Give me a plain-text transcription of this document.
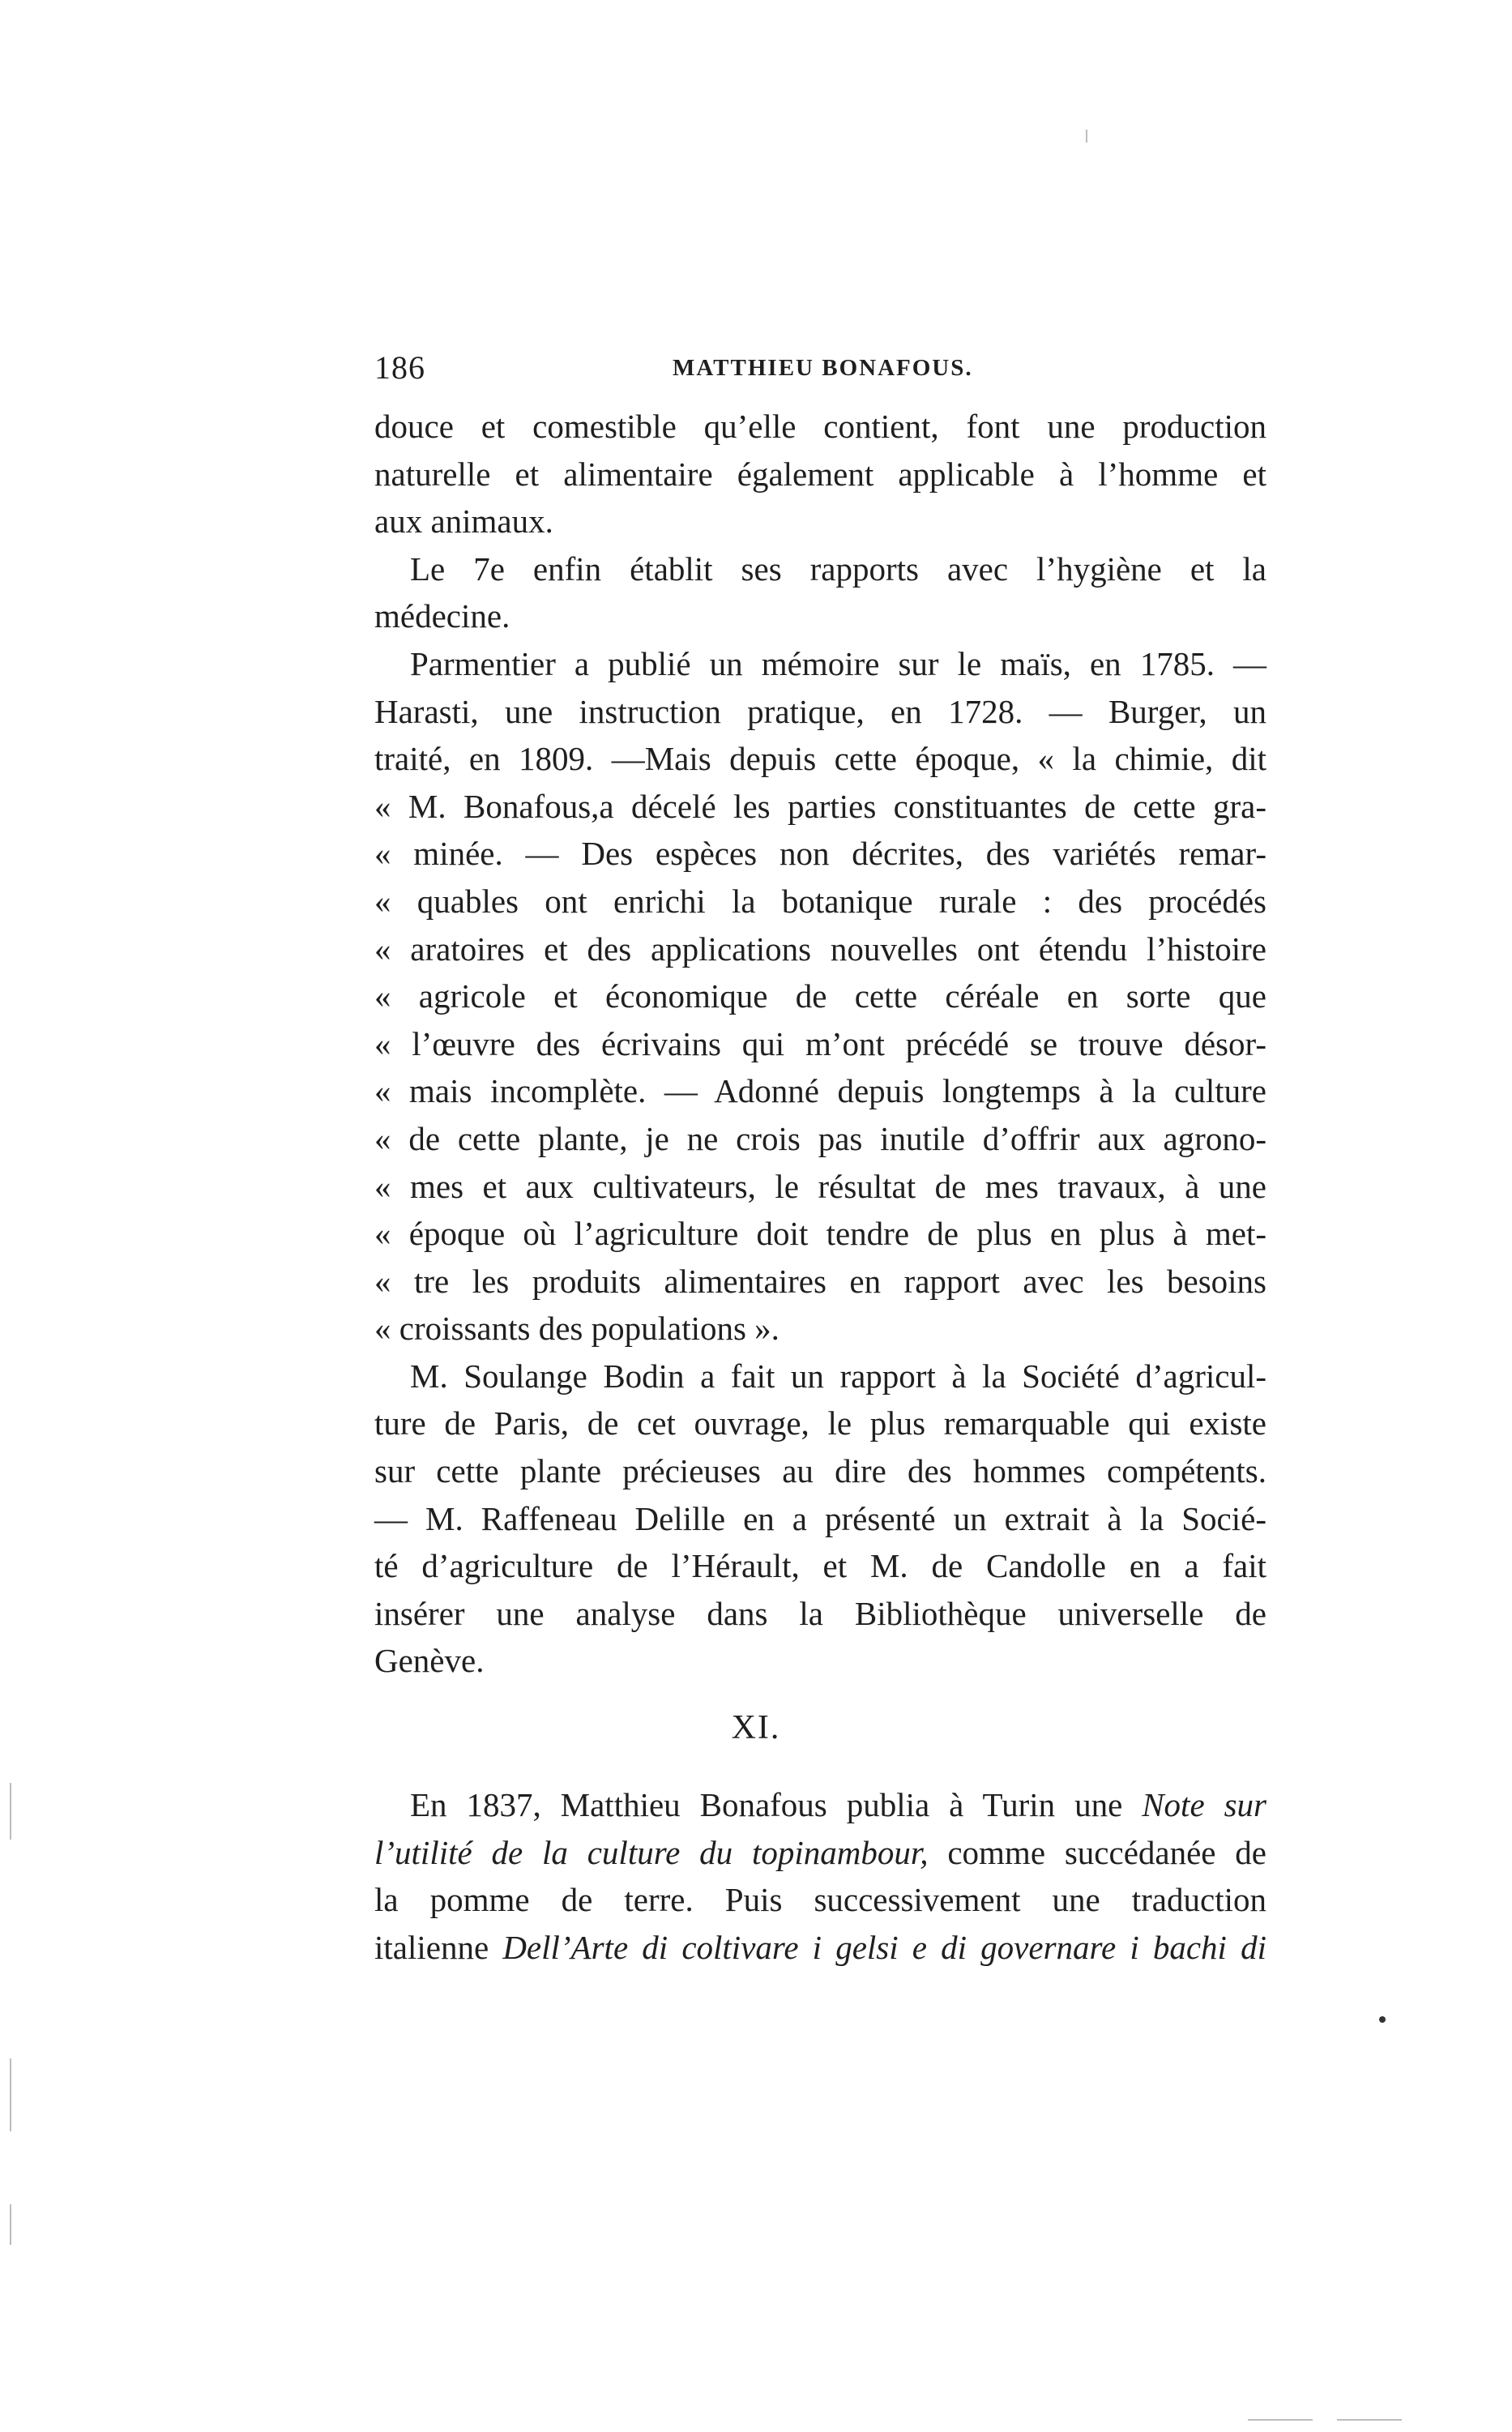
186	MATTHIEU BONAFOUS.
douce et comestible qu’elle contient, font une production
naturelle et alimentaire également applicable à l’homme et
aux animaux.
Le 7e enfin établit ses rapports avec l’hygiène et la
médecine.
Parmentier a publié un mémoire sur le maïs, en 1785. —
Harasti, une instruction pratique, en 1728. — Burger, un
traité, en 1809. —Mais depuis cette époque, « la chimie, dit
« M. Bonafous,a décelé les parties constituantes de cette gra-
« minée. — Des espèces non décrites, des variétés remar-
« quables ont enrichi la botanique rurale : des procédés
« aratoires et des applications nouvelles ont étendu l’histoire
« agricole et économique de cette céréale en sorte que
« l’œuvre des écrivains qui m’ont précédé se trouve désor-
« mais incomplète. — Adonné depuis longtemps à la culture
« de cette plante, je ne crois pas inutile d’offrir aux agrono-
« mes et aux cultivateurs, le résultat de mes travaux, à une
« époque où l’agriculture doit tendre de plus en plus à met-
« tre les produits alimentaires en rapport avec les besoins
« croissants des populations ».
M. Soulange Bodin a fait un rapport à la Société d’agricul-
ture de Paris, de cet ouvrage, le plus remarquable qui existe
sur cette plante précieuses au dire des hommes compétents.
— M. Raffeneau Delille en a présenté un extrait à la Socié-
té d’agriculture de l’Hérault, et M. de Candolle en a fait
insérer une analyse dans la Bibliothèque universelle de
Genève.
XI.
En 1837, Matthieu Bonafous publia à Turin une Note sur
l’utilité de la culture du topinambour, comme succédanée de
la pomme de terre. Puis successivement une traduction
italienne Dell’Arte di coltivare i gelsi e di governare i bachi di
